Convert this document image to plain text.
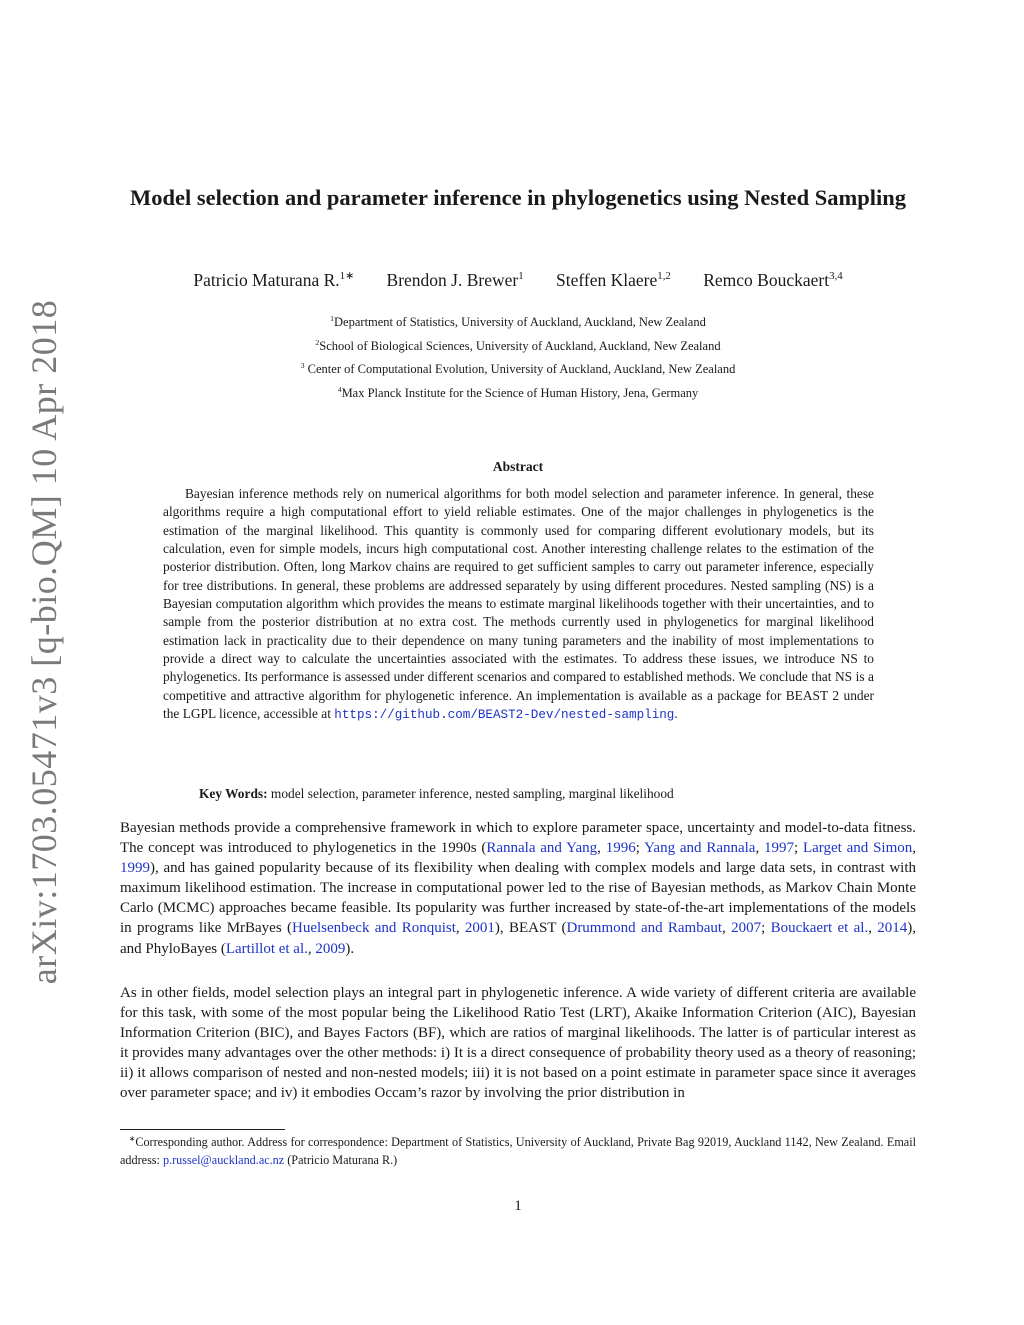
arXiv:1703.05471v3 [q-bio.QM] 10 Apr 2018
Model selection and parameter inference in phylogenetics using Nested Sampling
Patricio Maturana R.$^{1∗}$ Brendon J. Brewer$^1$ Steffen Klaere$^{1,2}$ Remco Bouckaert$^{3,4}$
$^1$Department of Statistics, University of Auckland, Auckland, New Zealand
$^2$School of Biological Sciences, University of Auckland, Auckland, New Zealand
$^3$ Center of Computational Evolution, University of Auckland, Auckland, New Zealand
$^4$Max Planck Institute for the Science of Human History, Jena, Germany
Abstract

Bayesian inference methods rely on numerical algorithms for both model selection and parameter inference. In general, these algorithms require a high computational effort to yield reliable estimates. One of the major challenges in phylogenetics is the estimation of the marginal likelihood. This quantity is commonly used for comparing different evolutionary models, but its calculation, even for simple models, incurs high computational cost. Another interesting challenge relates to the estimation of the posterior distribution. Often, long Markov chains are required to get sufficient samples to carry out parameter inference, especially for tree distributions. In general, these problems are addressed separately by using different procedures. Nested sampling (NS) is a Bayesian computation algorithm which provides the means to estimate marginal likelihoods together with their uncertainties, and to sample from the posterior distribution at no extra cost. The methods currently used in phylogenetics for marginal likelihood estimation lack in practicality due to their dependence on many tuning parameters and the inability of most implementations to provide a direct way to calculate the uncertainties associated with the estimates. To address these issues, we introduce NS to phylogenetics. Its performance is assessed under different scenarios and compared to established methods. We conclude that NS is a competitive and attractive algorithm for phylogenetic inference. An implementation is available as a package for BEAST 2 under the LGPL licence, accessible at https://github.com/BEAST2-Dev/nested-sampling.

Key Words: model selection, parameter inference, nested sampling, marginal likelihood

Bayesian methods provide a comprehensive framework in which to explore parameter space, uncertainty and model-to-data fitness. The concept was introduced to phylogenetics in the 1990s (Rannala and Yang, 1996; Yang and Rannala, 1997; Larget and Simon, 1999), and has gained popularity because of its flexibility when dealing with complex models and large data sets, in contrast with maximum likelihood estimation. The increase in computational power led to the rise of Bayesian methods, as Markov Chain Monte Carlo (MCMC) approaches became feasible. Its popularity was further increased by state-of-the-art implementations of the models in programs like MrBayes (Huelsenbeck and Ronquist, 2001), BEAST (Drummond and Rambaut, 2007; Bouckaert et al., 2014), and PhyloBayes (Lartillot et al., 2009).

As in other fields, model selection plays an integral part in phylogenetic inference. A wide variety of different criteria are available for this task, with some of the most popular being the Likelihood Ratio Test (LRT), Akaike Information Criterion (AIC), Bayesian Information Criterion (BIC), and Bayes Factors (BF), which are ratios of marginal likelihoods. The latter is of particular interest as it provides many advantages over the other methods: i) It is a direct consequence of probability theory used as a theory of reasoning; ii) it allows comparison of nested and non-nested models; iii) it is not based on a point estimate in parameter space since it averages over parameter space; and iv) it embodies Occam’s razor by involving the prior distribution in

∗Corresponding author. Address for correspondence: Department of Statistics, University of Auckland, Private Bag 92019, Auckland 1142, New Zealand. Email address: p.russel@auckland.ac.nz (Patricio Maturana R.)

1
